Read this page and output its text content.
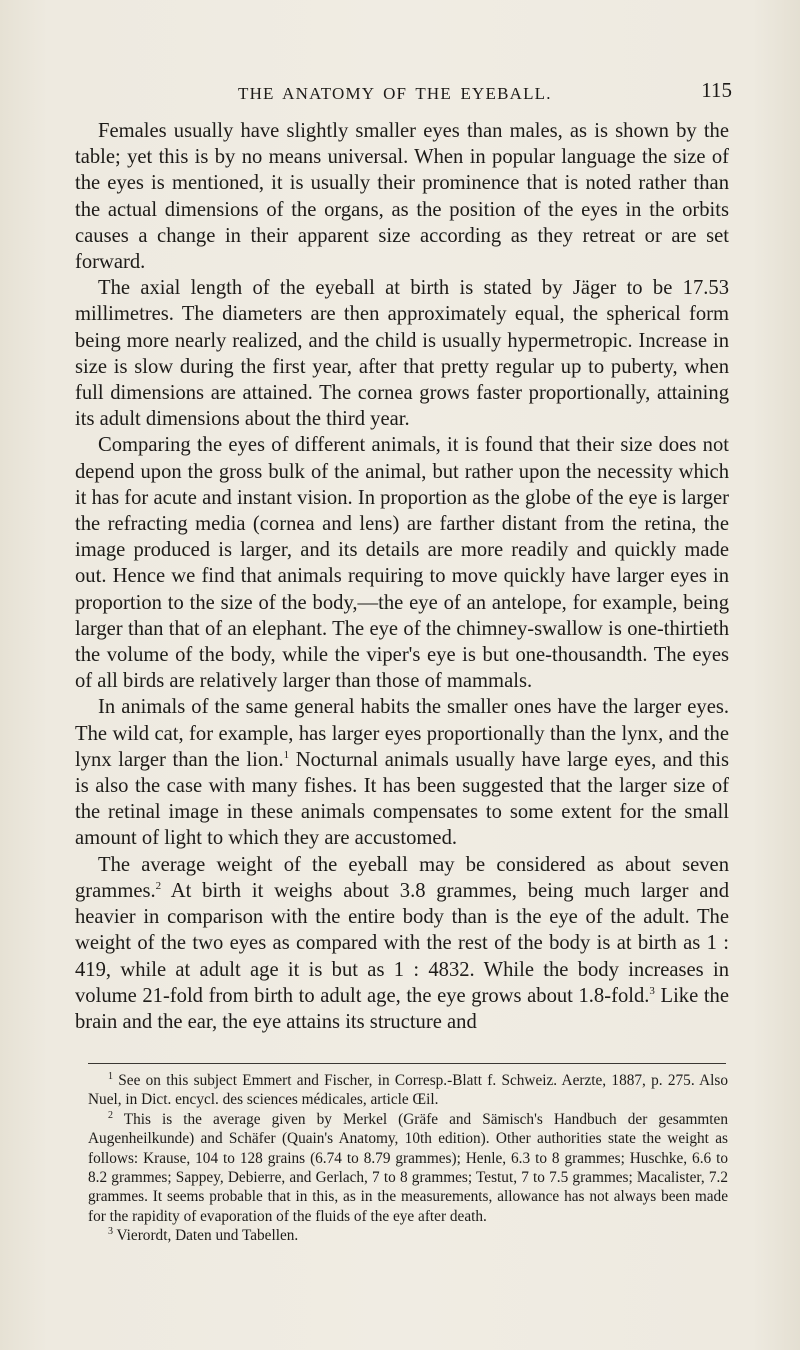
THE ANATOMY OF THE EYEBALL.	115

Females usually have slightly smaller eyes than males, as is shown by the table; yet this is by no means universal. When in popular language the size of the eyes is mentioned, it is usually their prominence that is noted rather than the actual dimensions of the organs, as the position of the eyes in the orbits causes a change in their apparent size according as they retreat or are set forward.

The axial length of the eyeball at birth is stated by Jäger to be 17.53 millimetres. The diameters are then approximately equal, the spherical form being more nearly realized, and the child is usually hypermetropic. Increase in size is slow during the first year, after that pretty regular up to puberty, when full dimensions are attained. The cornea grows faster proportionally, attaining its adult dimensions about the third year.

Comparing the eyes of different animals, it is found that their size does not depend upon the gross bulk of the animal, but rather upon the necessity which it has for acute and instant vision. In proportion as the globe of the eye is larger the refracting media (cornea and lens) are farther distant from the retina, the image produced is larger, and its details are more readily and quickly made out. Hence we find that animals requiring to move quickly have larger eyes in proportion to the size of the body,—the eye of an antelope, for example, being larger than that of an elephant. The eye of the chimney-swallow is one-thirtieth the volume of the body, while the viper's eye is but one-thousandth. The eyes of all birds are relatively larger than those of mammals.

In animals of the same general habits the smaller ones have the larger eyes. The wild cat, for example, has larger eyes proportionally than the lynx, and the lynx larger than the lion.$^1$ Nocturnal animals usually have large eyes, and this is also the case with many fishes. It has been suggested that the larger size of the retinal image in these animals compensates to some extent for the small amount of light to which they are accustomed.

The average weight of the eyeball may be considered as about seven grammes.$^2$ At birth it weighs about 3.8 grammes, being much larger and heavier in comparison with the entire body than is the eye of the adult. The weight of the two eyes as compared with the rest of the body is at birth as 1 : 419, while at adult age it is but as 1 : 4832. While the body increases in volume 21-fold from birth to adult age, the eye grows about 1.8-fold.$^3$ Like the brain and the ear, the eye attains its structure and

$^1$ See on this subject Emmert and Fischer, in Corresp.-Blatt f. Schweiz. Aerzte, 1887, p. 275. Also Nuel, in Dict. encycl. des sciences médicales, article Œil.

$^2$ This is the average given by Merkel (Gräfe and Sämisch's Handbuch der gesammten Augenheilkunde) and Schäfer (Quain's Anatomy, 10th edition). Other authorities state the weight as follows: Krause, 104 to 128 grains (6.74 to 8.79 grammes); Henle, 6.3 to 8 grammes; Huschke, 6.6 to 8.2 grammes; Sappey, Debierre, and Gerlach, 7 to 8 grammes; Testut, 7 to 7.5 grammes; Macalister, 7.2 grammes. It seems probable that in this, as in the measurements, allowance has not always been made for the rapidity of evaporation of the fluids of the eye after death.

$^3$ Vierordt, Daten und Tabellen.
